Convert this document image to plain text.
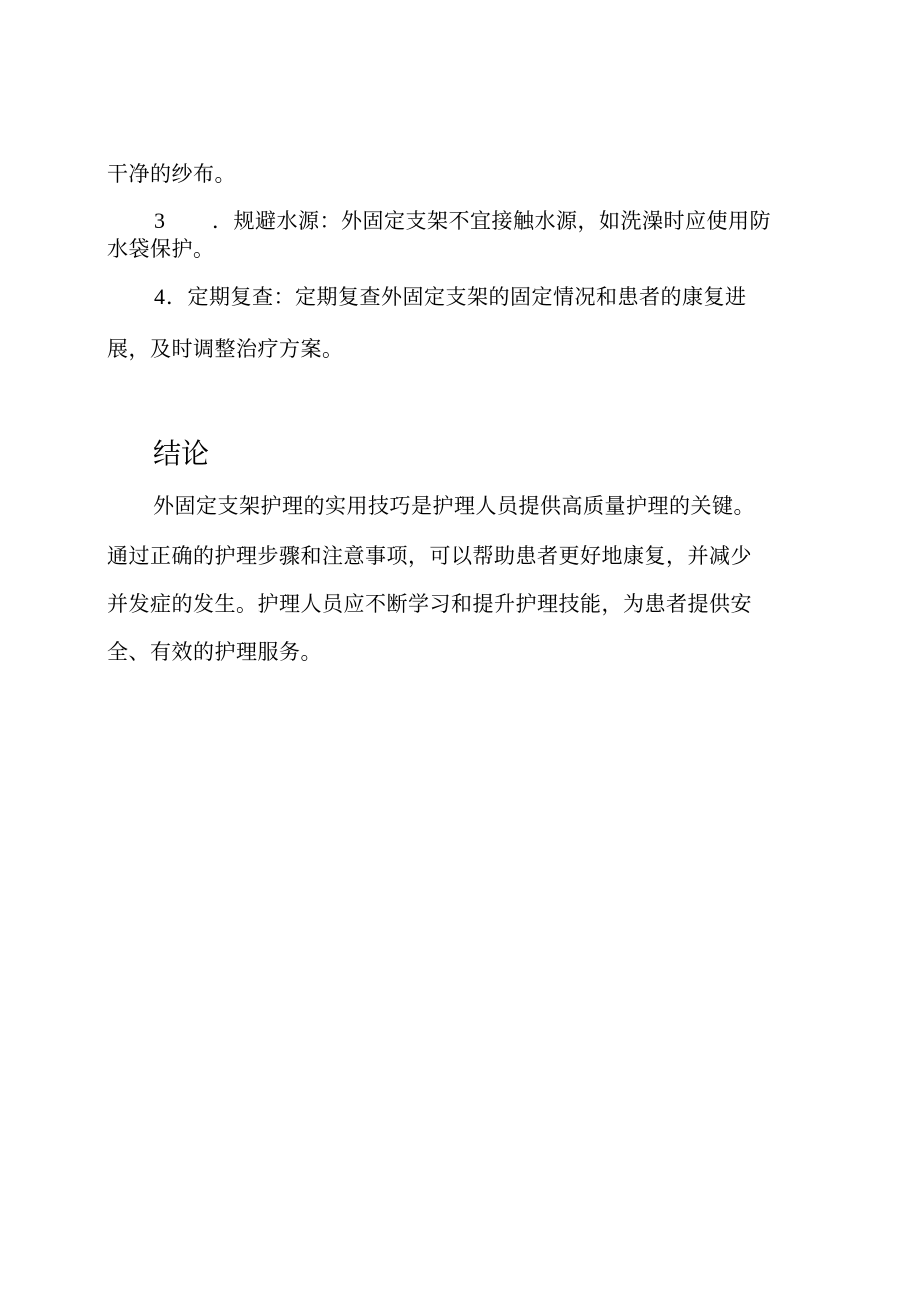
干净的纱布。
3 ．规避水源：外固定支架不宜接触水源，如洗澡时应使用防
水袋保护。
4 ．定期复查：定期复查外固定支架的固定情况和患者的康复进
展，及时调整治疗方案。
结论
外固定支架护理的实用技巧是护理人员提供高质量护理的关键。
通过正确的护理步骤和注意事项，可以帮助患者更好地康复，并减少
并发症的发生。护理人员应不断学习和提升护理技能，为患者提供安
全、有效的护理服务。
